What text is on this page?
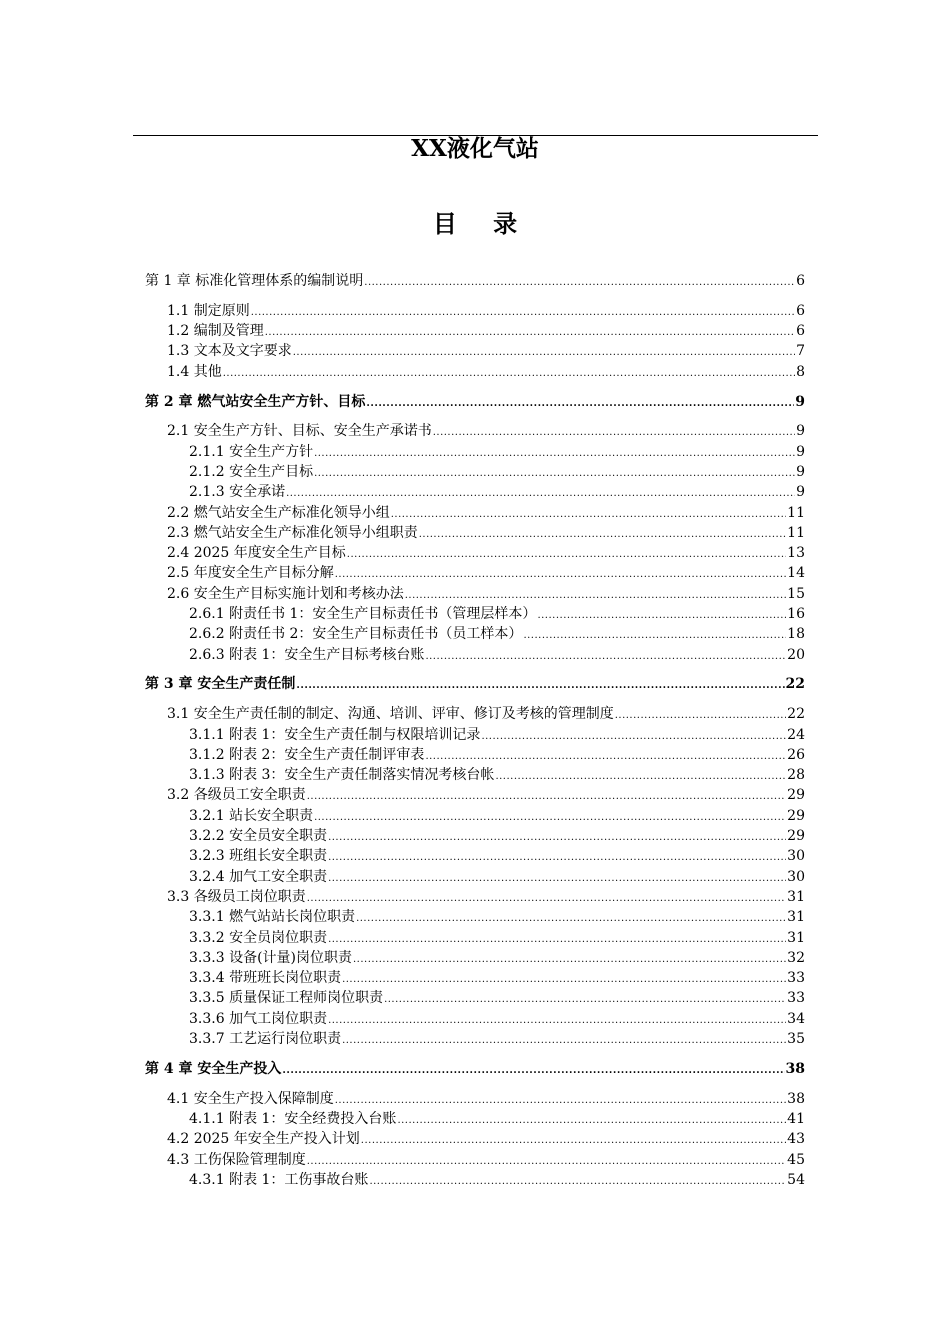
XX液化气站
目 录
第 1 章 标准化管理体系的编制说明 .....	6
1.1 制定原则 .....	6
1.2 编制及管理 .....	6
1.3 文本及文字要求 .....	7
1.4 其他 .....	8
第 2 章 燃气站安全生产方针、目标 .....	9
2.1 安全生产方针、目标、安全生产承诺书 .....	9
2.1.1 安全生产方针 .....	9
2.1.2 安全生产目标 .....	9
2.1.3 安全承诺 .....	9
2.2 燃气站安全生产标准化领导小组 .....	11
2.3 燃气站安全生产标准化领导小组职责 .....	11
2.4 2025 年度安全生产目标 .....	13
2.5 年度安全生产目标分解 .....	14
2.6 安全生产目标实施计划和考核办法 .....	15
2.6.1 附责任书 1：安全生产目标责任书（管理层样本） .....	16
2.6.2 附责任书 2：安全生产目标责任书（员工样本） .....	18
2.6.3 附表 1：安全生产目标考核台账 .....	20
第 3 章 安全生产责任制 .....	22
3.1 安全生产责任制的制定、沟通、培训、评审、修订及考核的管理制度 .....	22
3.1.1 附表 1：安全生产责任制与权限培训记录 .....	24
3.1.2 附表 2：安全生产责任制评审表 .....	26
3.1.3 附表 3：安全生产责任制落实情况考核台帐 .....	28
3.2 各级员工安全职责 .....	29
3.2.1 站长安全职责 .....	29
3.2.2 安全员安全职责 .....	29
3.2.3 班组长安全职责 .....	30
3.2.4 加气工安全职责 .....	30
3.3 各级员工岗位职责 .....	31
3.3.1 燃气站站长岗位职责 .....	31
3.3.2 安全员岗位职责 .....	31
3.3.3 设备(计量)岗位职责 .....	32
3.3.4 带班班长岗位职责 .....	33
3.3.5 质量保证工程师岗位职责 .....	33
3.3.6 加气工岗位职责 .....	34
3.3.7 工艺运行岗位职责 .....	35
第 4 章 安全生产投入 .....	38
4.1 安全生产投入保障制度 .....	38
4.1.1 附表 1：安全经费投入台账 .....	41
4.2 2025 年安全生产投入计划 .....	43
4.3 工伤保险管理制度 .....	45
4.3.1 附表 1：工伤事故台账 .....	54
